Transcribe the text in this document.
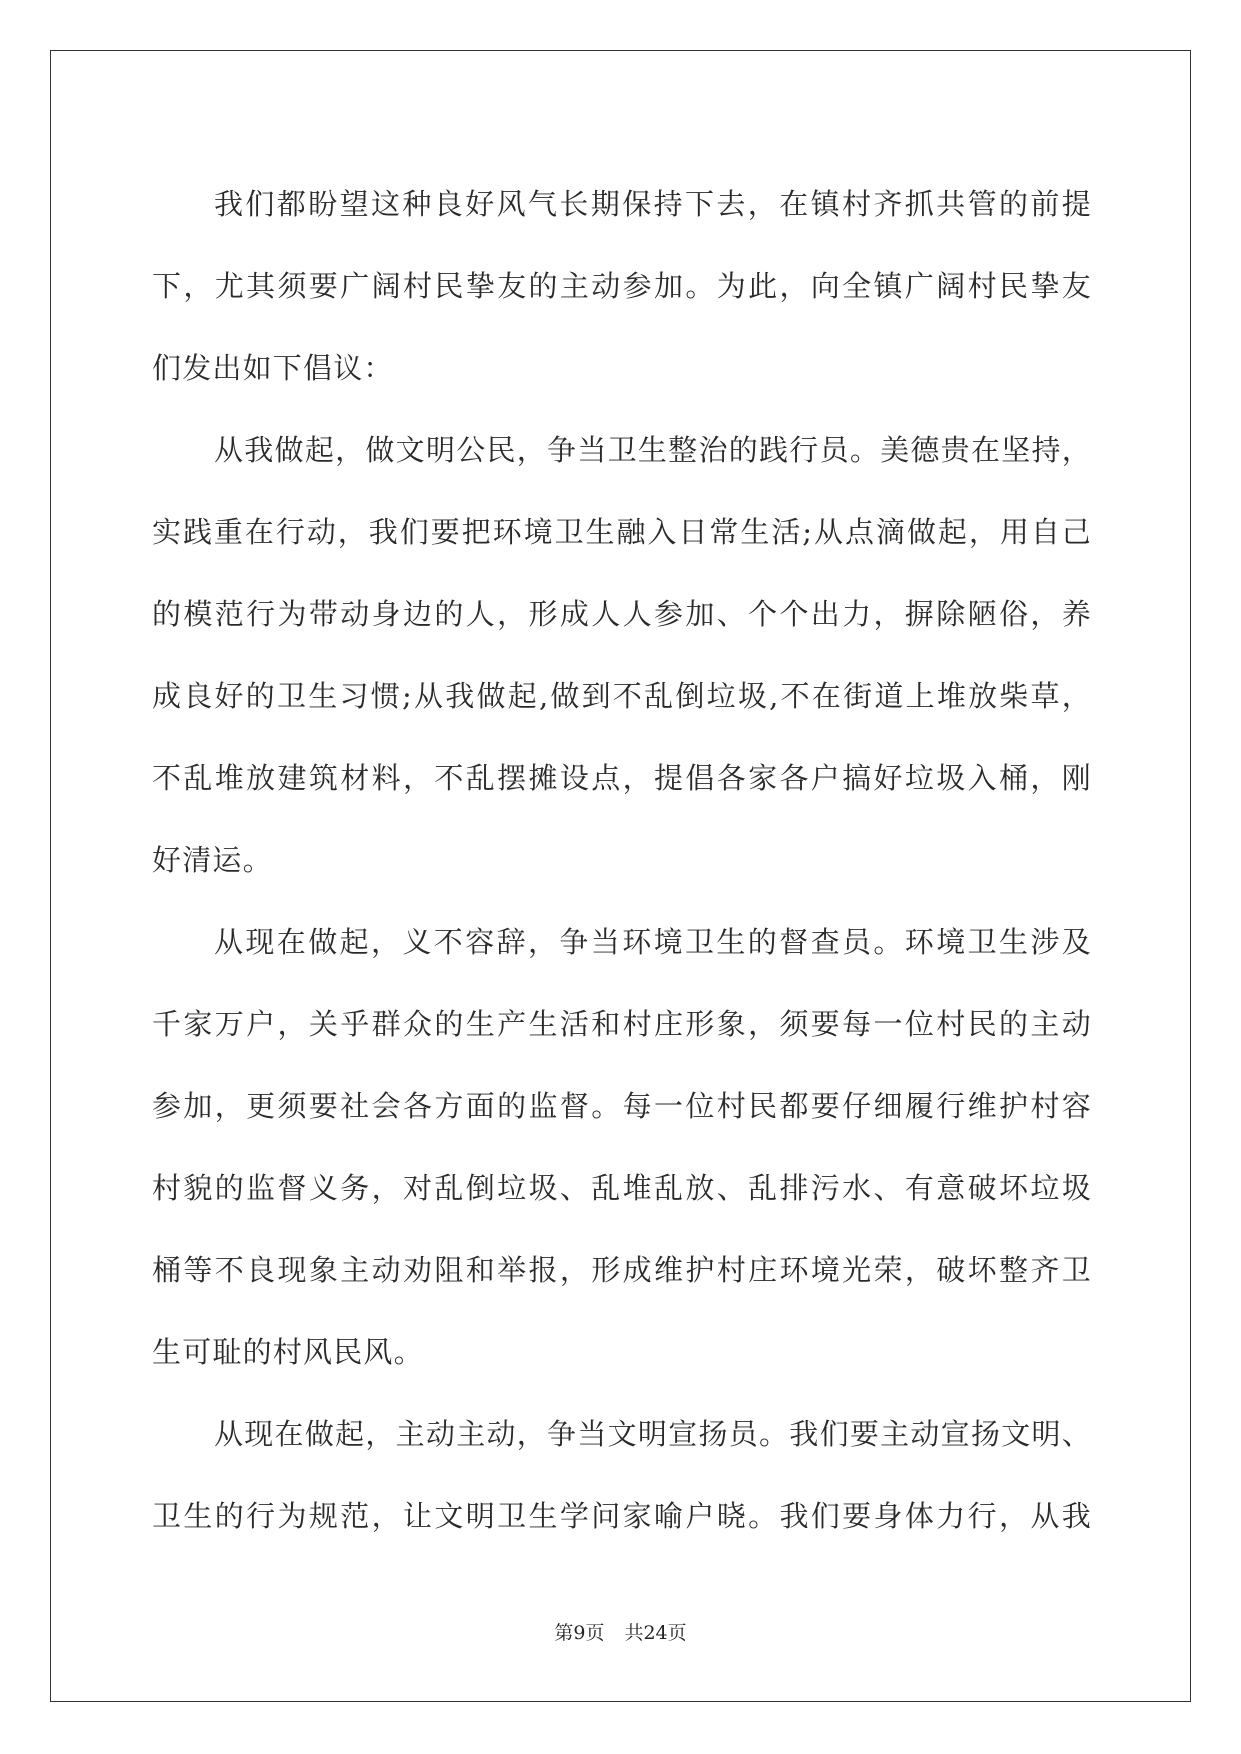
我们都盼望这种良好风气长期保持下去，在镇村齐抓共管的前提
下，尤其须要广阔村民挚友的主动参加。为此，向全镇广阔村民挚友
们发出如下倡议：
从我做起，做文明公民，争当卫生整治的践行员。美德贵在坚持，
实践重在行动，我们要把环境卫生融入日常生活;从点滴做起，用自己
的模范行为带动身边的人，形成人人参加、个个出力，摒除陋俗，养
成良好的卫生习惯;从我做起,做到不乱倒垃圾,不在街道上堆放柴草，
不乱堆放建筑材料，不乱摆摊设点，提倡各家各户搞好垃圾入桶，刚
好清运。
从现在做起，义不容辞，争当环境卫生的督查员。环境卫生涉及
千家万户，关乎群众的生产生活和村庄形象，须要每一位村民的主动
参加，更须要社会各方面的监督。每一位村民都要仔细履行维护村容
村貌的监督义务，对乱倒垃圾、乱堆乱放、乱排污水、有意破坏垃圾
桶等不良现象主动劝阻和举报，形成维护村庄环境光荣，破坏整齐卫
生可耻的村风民风。
从现在做起，主动主动，争当文明宣扬员。我们要主动宣扬文明、
卫生的行为规范，让文明卫生学问家喻户晓。我们要身体力行，从我
第9页 共24页
